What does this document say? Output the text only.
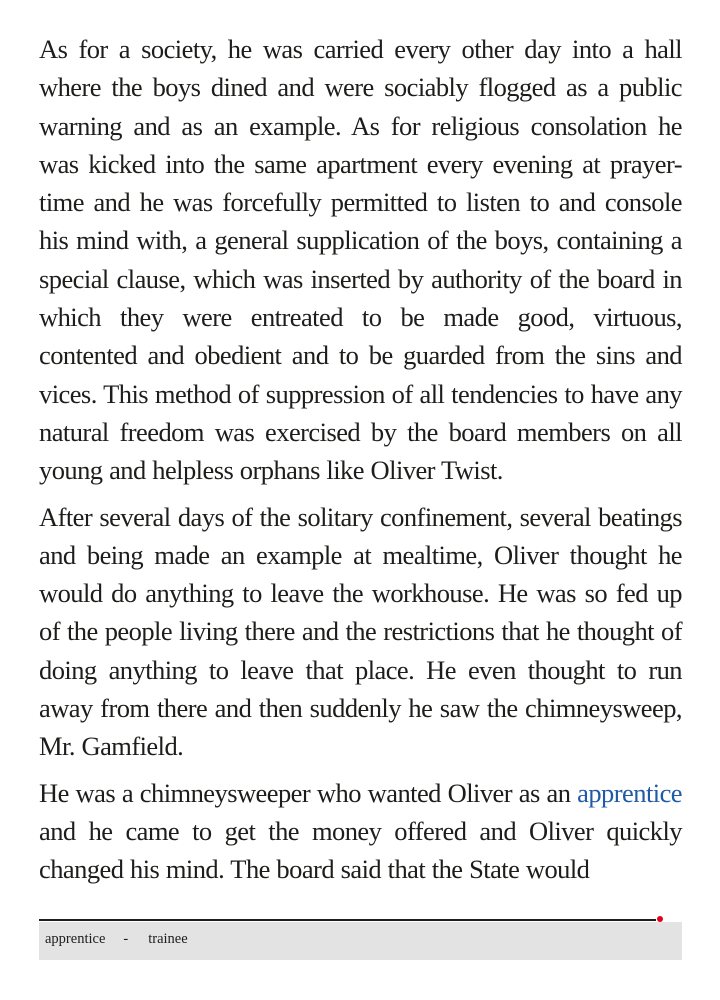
As for a society, he was carried every other day into a hall where the boys dined and were sociably flogged as a public warning and as an example. As for religious consolation he was kicked into the same apartment every evening at prayer-time and he was forcefully permitted to listen to and console his mind with, a general supplication of the boys, containing a special clause, which was inserted by authority of the board in which they were entreated to be made good, virtuous, contented and obedient and to be guarded from the sins and vices. This method of suppression of all tendencies to have any natural freedom was exercised by the board members on all young and helpless orphans like Oliver Twist.

After several days of the solitary confinement, several beatings and being made an example at mealtime, Oliver thought he would do anything to leave the workhouse. He was so fed up of the people living there and the restrictions that he thought of doing anything to leave that place. He even thought to run away from there and then suddenly he saw the chimneysweep, Mr. Gamfield.

He was a chimneysweeper who wanted Oliver as an apprentice and he came to get the money offered and Oliver quickly changed his mind. The board said that the State would

apprentice - trainee
